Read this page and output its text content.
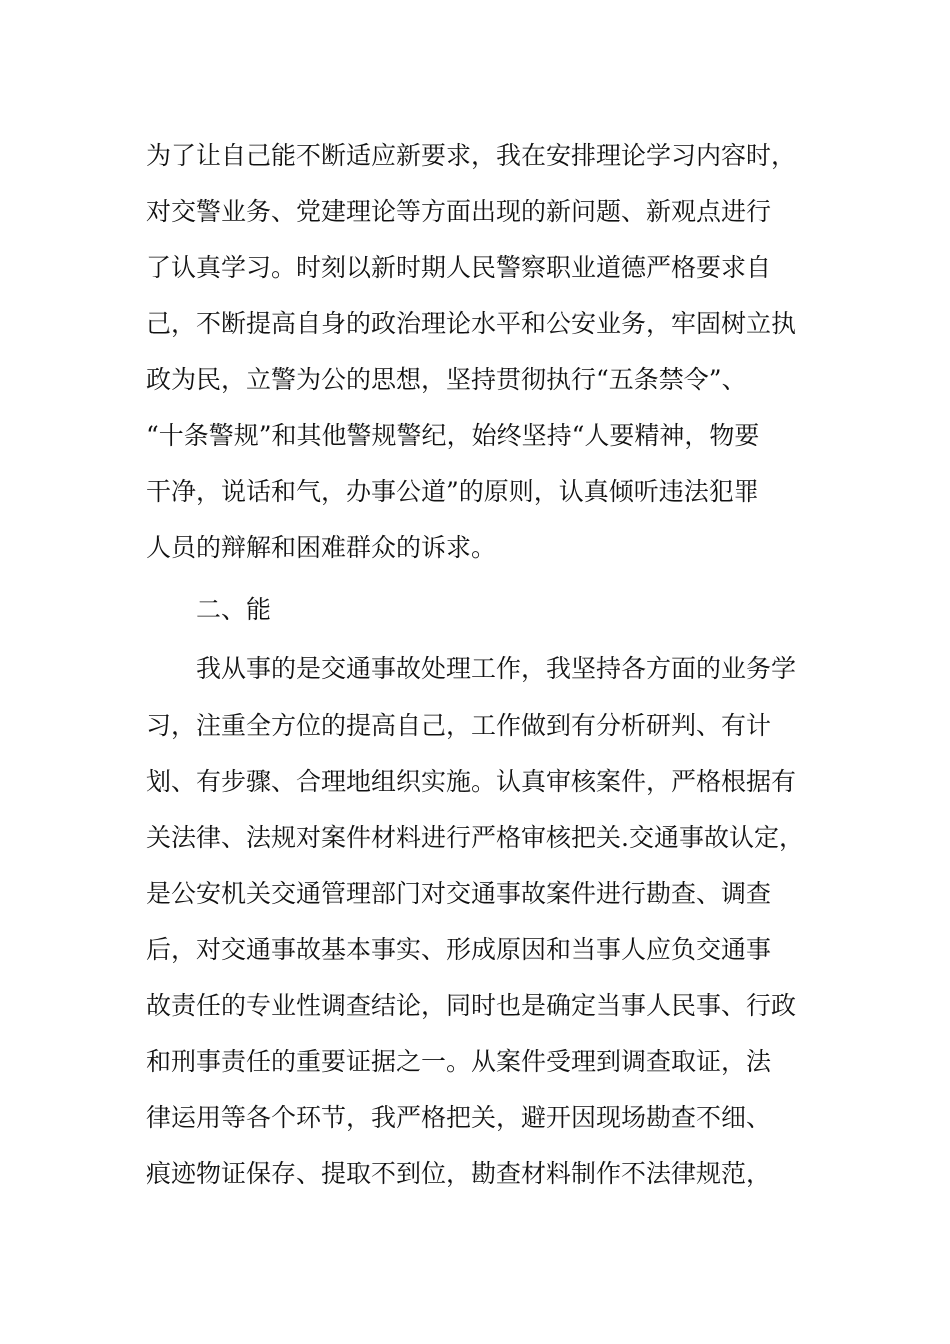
为了让自己能不断适应新要求，我在安排理论学习内容时，
对交警业务、党建理论等方面出现的新问题、新观点进行
了认真学习。时刻以新时期人民警察职业道德严格要求自
己，不断提高自身的政治理论水平和公安业务，牢固树立执
政为民，立警为公的思想，坚持贯彻执行“五条禁令”、
“十条警规”和其他警规警纪，始终坚持“人要精神，物要
干净，说话和气，办事公道”的原则，认真倾听违法犯罪
人员的辩解和困难群众的诉求。
二、能
我从事的是交通事故处理工作，我坚持各方面的业务学
习，注重全方位的提高自己，工作做到有分析研判、有计
划、有步骤、合理地组织实施。认真审核案件，严格根据有
关法律、法规对案件材料进行严格审核把关.交通事故认定，
是公安机关交通管理部门对交通事故案件进行勘查、调查
后，对交通事故基本事实、形成原因和当事人应负交通事
故责任的专业性调查结论，同时也是确定当事人民事、行政
和刑事责任的重要证据之一。从案件受理到调查取证，法
律运用等各个环节，我严格把关，避开因现场勘查不细、
痕迹物证保存、提取不到位，勘查材料制作不法律规范，
